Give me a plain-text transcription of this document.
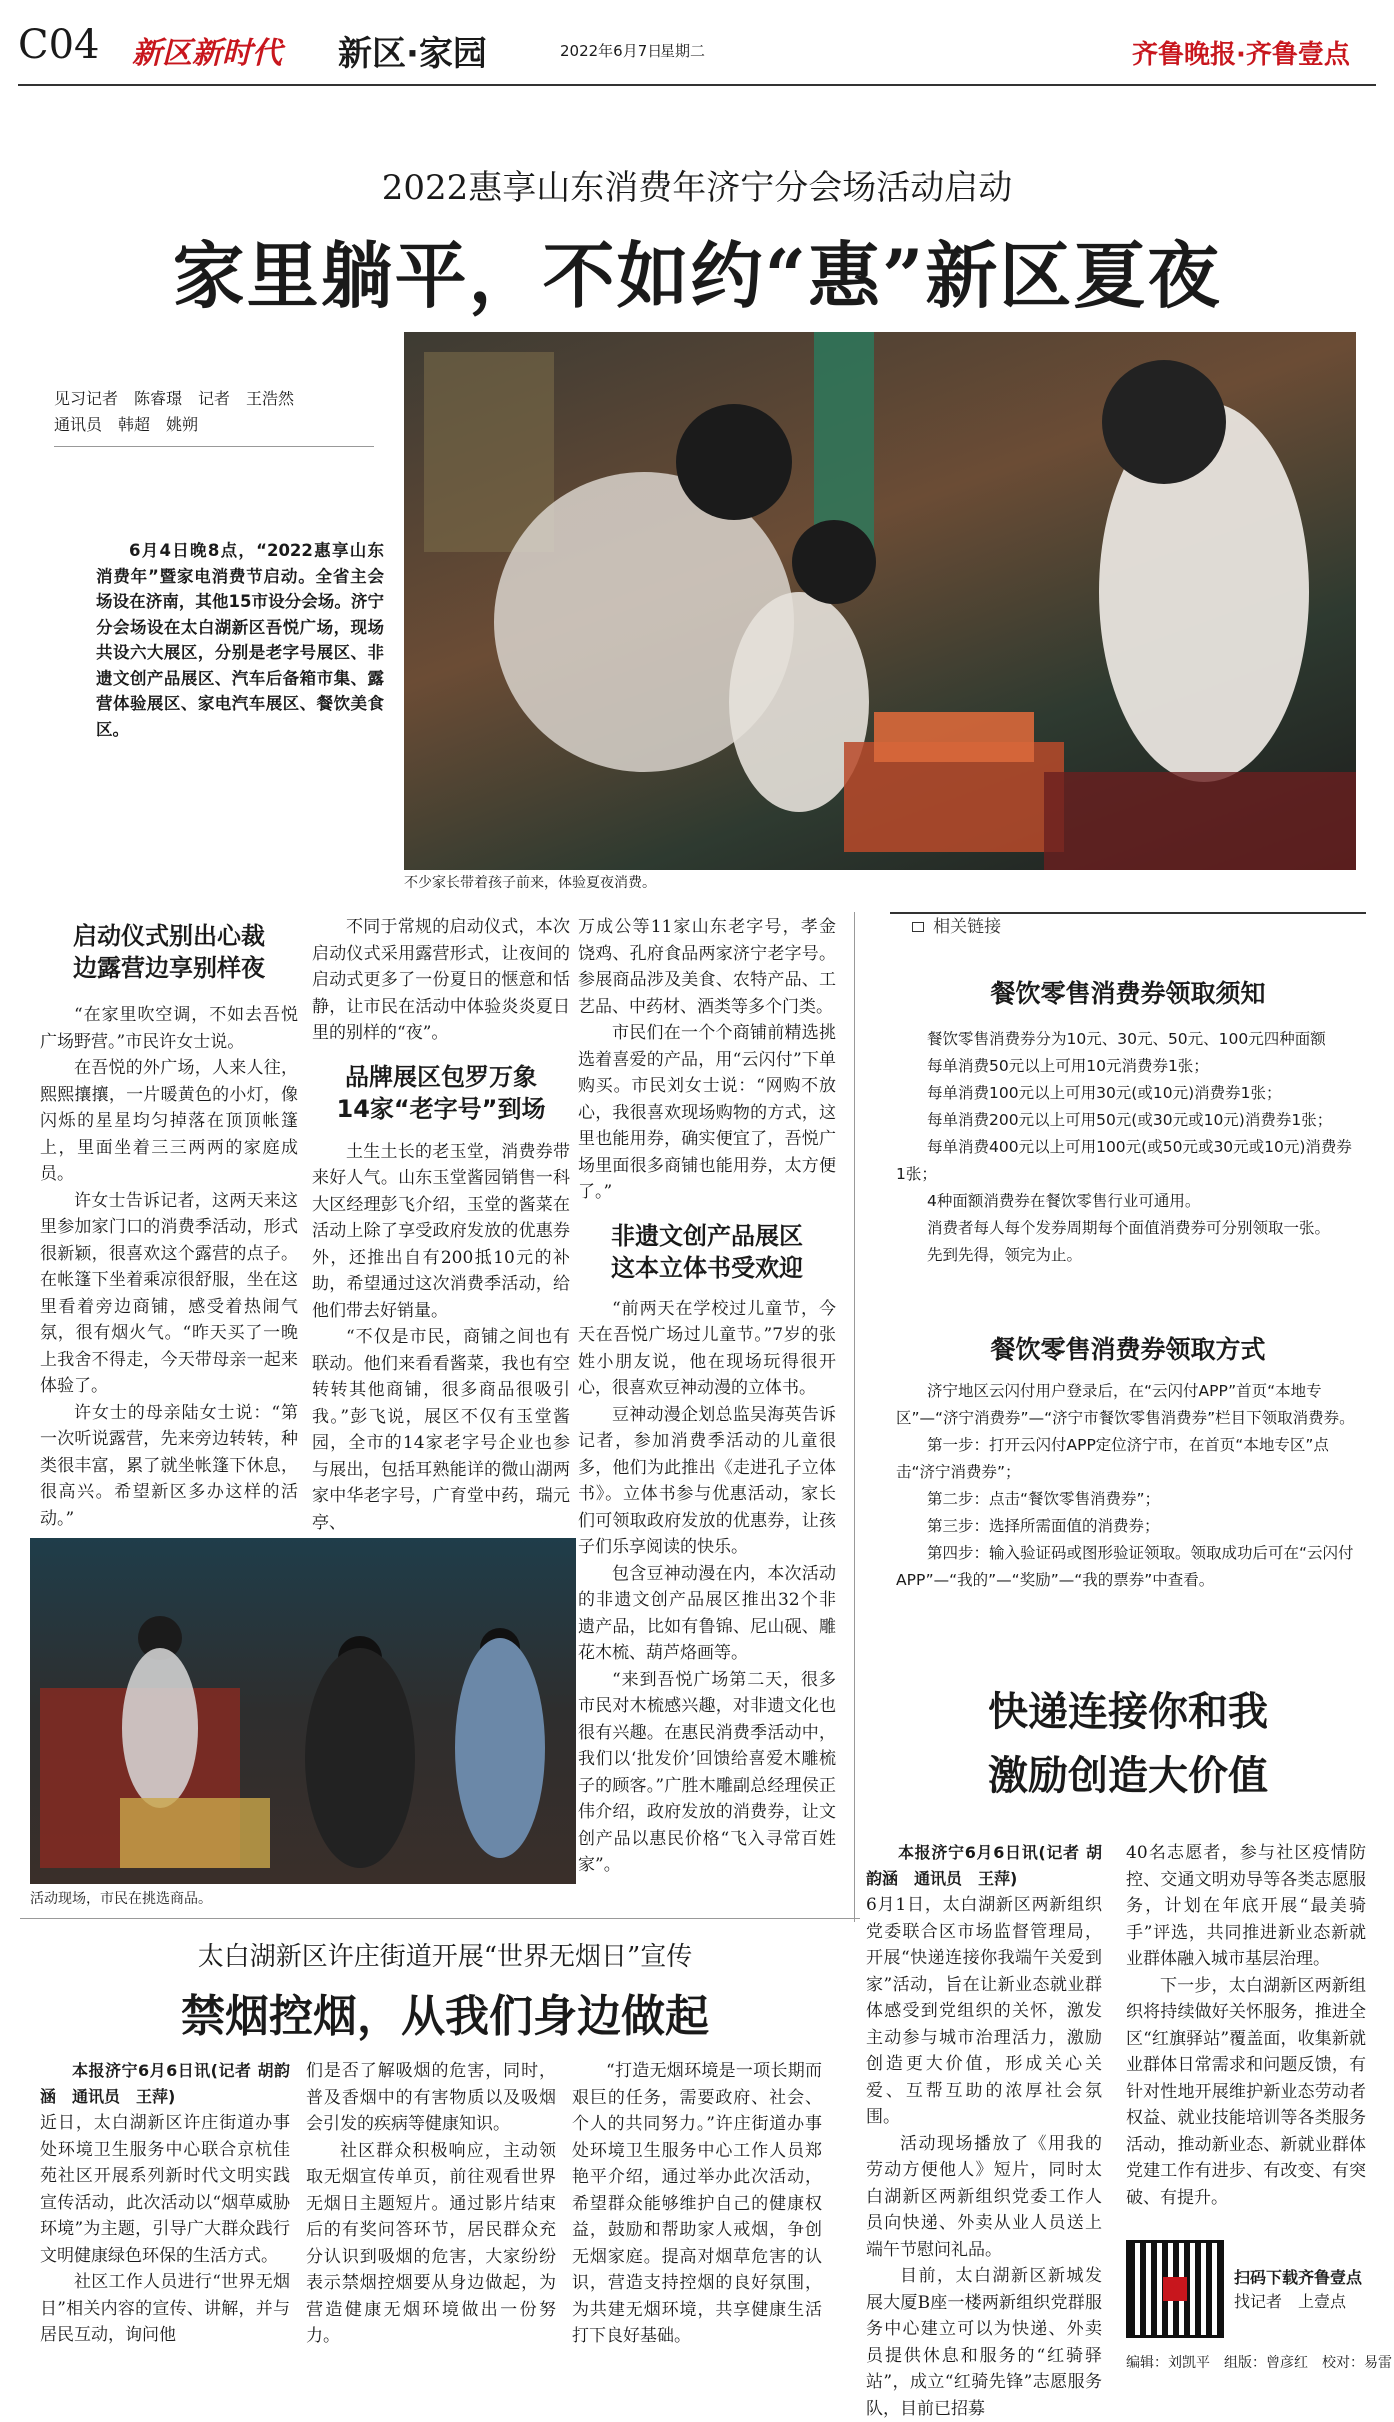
C04 新区新时代 新区·家园	2022年6月7日
星期二	齐鲁晚报·齐鲁壹点
2022惠享山东消费年济宁分会场活动启动
家里躺平，不如约“惠”新区夏夜
见习记者　陈睿璟　记者　王浩然
通讯员　韩超　姚朔

6月4日晚8点，“2022惠享山东消费年”暨家电消费节启动。全省主会场设在济南，其他15市设分会场。济宁分会场设在太白湖新区吾悦广场，现场共设六大展区，分别是老字号展区、非遗文创产品展区、汽车后备箱市集、露营体验展区、家电汽车展区、餐饮美食区。

不少家长带着孩子前来，体验夏夜消费。
启动仪式别出心裁
边露营边享别样夜

“在家里吹空调，不如去吾悦广场野营。”市民许女士说。

在吾悦的外广场，人来人往，熙熙攘攘，一片暖黄色的小灯，像闪烁的星星均匀掉落在顶顶帐篷上，里面坐着三三两两的家庭成员。

许女士告诉记者，这两天来这里参加家门口的消费季活动，形式很新颖，很喜欢这个露营的点子。在帐篷下坐着乘凉很舒服，坐在这里看着旁边商铺，感受着热闹气氛，很有烟火气。“昨天买了一晚上我舍不得走，今天带母亲一起来体验了。

许女士的母亲陆女士说：“第一次听说露营，先来旁边转转，种类很丰富，累了就坐帐篷下休息，很高兴。希望新区多办这样的活动。”

不同于常规的启动仪式，本次启动仪式采用露营形式，让夜间的启动式更多了一份夏日的惬意和恬静，让市民在活动中体验炎炎夏日里的别样的“夜”。

品牌展区包罗万象
14家“老字号”到场

土生土长的老玉堂，消费券带来好人气。山东玉堂酱园销售一科大区经理彭飞介绍，玉堂的酱菜在活动上除了享受政府发放的优惠券外，还推出自有200抵10元的补助，希望通过这次消费季活动，给他们带去好销量。

“不仅是市民，商铺之间也有联动。他们来看看酱菜，我也有空转转其他商铺，很多商品很吸引我。”彭飞说，展区不仅有玉堂酱园，全市的14家老字号企业也参与展出，包括耳熟能详的微山湖两家中华老字号，广育堂中药，瑞元亭、

万成公等11家山东老字号，孝金饶鸡、孔府食品两家济宁老字号。参展商品涉及美食、农特产品、工艺品、中药材、酒类等多个门类。

市民们在一个个商铺前精选挑选着喜爱的产品，用“云闪付”下单购买。市民刘女士说：“网购不放心，我很喜欢现场购物的方式，这里也能用券，确实便宜了，吾悦广场里面很多商铺也能用券，太方便了。”

非遗文创产品展区
这本立体书受欢迎

“前两天在学校过儿童节，今天在吾悦广场过儿童节。”7岁的张姓小朋友说，他在现场玩得很开心，很喜欢豆神动漫的立体书。

豆神动漫企划总监吴海英告诉记者，参加消费季活动的儿童很多，他们为此推出《走进孔子立体书》。立体书参与优惠活动，家长们可领取政府发放的优惠券，让孩子们乐享阅读的快乐。

包含豆神动漫在内，本次活动的非遗文创产品展区推出32个非遗产品，比如有鲁锦、尼山砚、雕花木梳、葫芦烙画等。

“来到吾悦广场第二天，很多市民对木梳感兴趣，对非遗文化也很有兴趣。在惠民消费季活动中，我们以‘批发价’回馈给喜爱木雕梳子的顾客。”广胜木雕副总经理侯正伟介绍，政府发放的消费券，让文创产品以惠民价格“飞入寻常百姓家”。

活动现场，市民在挑选商品。
相关链接
餐饮零售消费券领取须知
餐饮零售消费券分为10元、30元、50元、100元四种面额
每单消费50元以上可用10元消费券1张；
每单消费100元以上可用30元(或10元)消费券1张；
每单消费200元以上可用50元(或30元或10元)消费券1张；
每单消费400元以上可用100元(或50元或30元或10元)消费券1张；
4种面额消费券在餐饮零售行业可通用。
消费者每人每个发券周期每个面值消费券可分别领取一张。
先到先得，领完为止。
餐饮零售消费券领取方式
济宁地区云闪付用户登录后，在“云闪付APP”首页“本地专区”—“济宁消费券”—“济宁市餐饮零售消费券”栏目下领取消费券。
第一步：打开云闪付APP定位济宁市，在首页“本地专区”点击“济宁消费券”；
第二步：点击“餐饮零售消费券”；
第三步：选择所需面值的消费券；
第四步：输入验证码或图形验证领取。领取成功后可在“云闪付APP”—“我的”—“奖励”—“我的票券”中查看。
快递连接你和我
激励创造大价值

本报济宁6月6日讯(记者 胡韵涵　通讯员　王萍)

6月1日，太白湖新区两新组织党委联合区市场监督管理局，开展“快递连接你我端午关爱到家”活动，旨在让新业态就业群体感受到党组织的关怀，激发主动参与城市治理活力，激励创造更大价值，形成关心关爱、互帮互助的浓厚社会氛围。

活动现场播放了《用我的劳动方便他人》短片，同时太白湖新区两新组织党委工作人员向快递、外卖从业人员送上端午节慰问礼品。

目前，太白湖新区新城发展大厦B座一楼两新组织党群服务中心建立可以为快递、外卖员提供休息和服务的“红骑驿站”，成立“红骑先锋”志愿服务队，目前已招募

40名志愿者，参与社区疫情防控、交通文明劝导等各类志愿服务，计划在年底开展“最美骑手”评选，共同推进新业态新就业群体融入城市基层治理。

下一步，太白湖新区两新组织将持续做好关怀服务，推进全区“红旗驿站”覆盖面，收集新就业群体日常需求和问题反馈，有针对性地开展维护新业态劳动者权益、就业技能培训等各类服务活动，推动新业态、新就业群体党建工作有进步、有改变、有突破、有提升。

扫码下载齐鲁壹点
找记者　上壹点
编辑：刘凯平　组版：曾彦红　校对：易雷
太白湖新区许庄街道开展“世界无烟日”宣传
禁烟控烟，从我们身边做起

本报济宁6月6日讯(记者 胡韵涵　通讯员　王萍)

近日，太白湖新区许庄街道办事处环境卫生服务中心联合京杭佳苑社区开展系列新时代文明实践宣传活动，此次活动以“烟草威胁环境”为主题，引导广大群众践行文明健康绿色环保的生活方式。

社区工作人员进行“世界无烟日”相关内容的宣传、讲解，并与居民互动，询问他

们是否了解吸烟的危害，同时，普及香烟中的有害物质以及吸烟会引发的疾病等健康知识。

社区群众积极响应，主动领取无烟宣传单页，前往观看世界无烟日主题短片。通过影片结束后的有奖问答环节，居民群众充分认识到吸烟的危害，大家纷纷表示禁烟控烟要从身边做起，为营造健康无烟环境做出一份努力。

“打造无烟环境是一项长期而艰巨的任务，需要政府、社会、个人的共同努力。”许庄街道办事处环境卫生服务中心工作人员郑艳平介绍，通过举办此次活动，希望群众能够维护自己的健康权益，鼓励和帮助家人戒烟，争创无烟家庭。提高对烟草危害的认识，营造支持控烟的良好氛围，为共建无烟环境，共享健康生活打下良好基础。
